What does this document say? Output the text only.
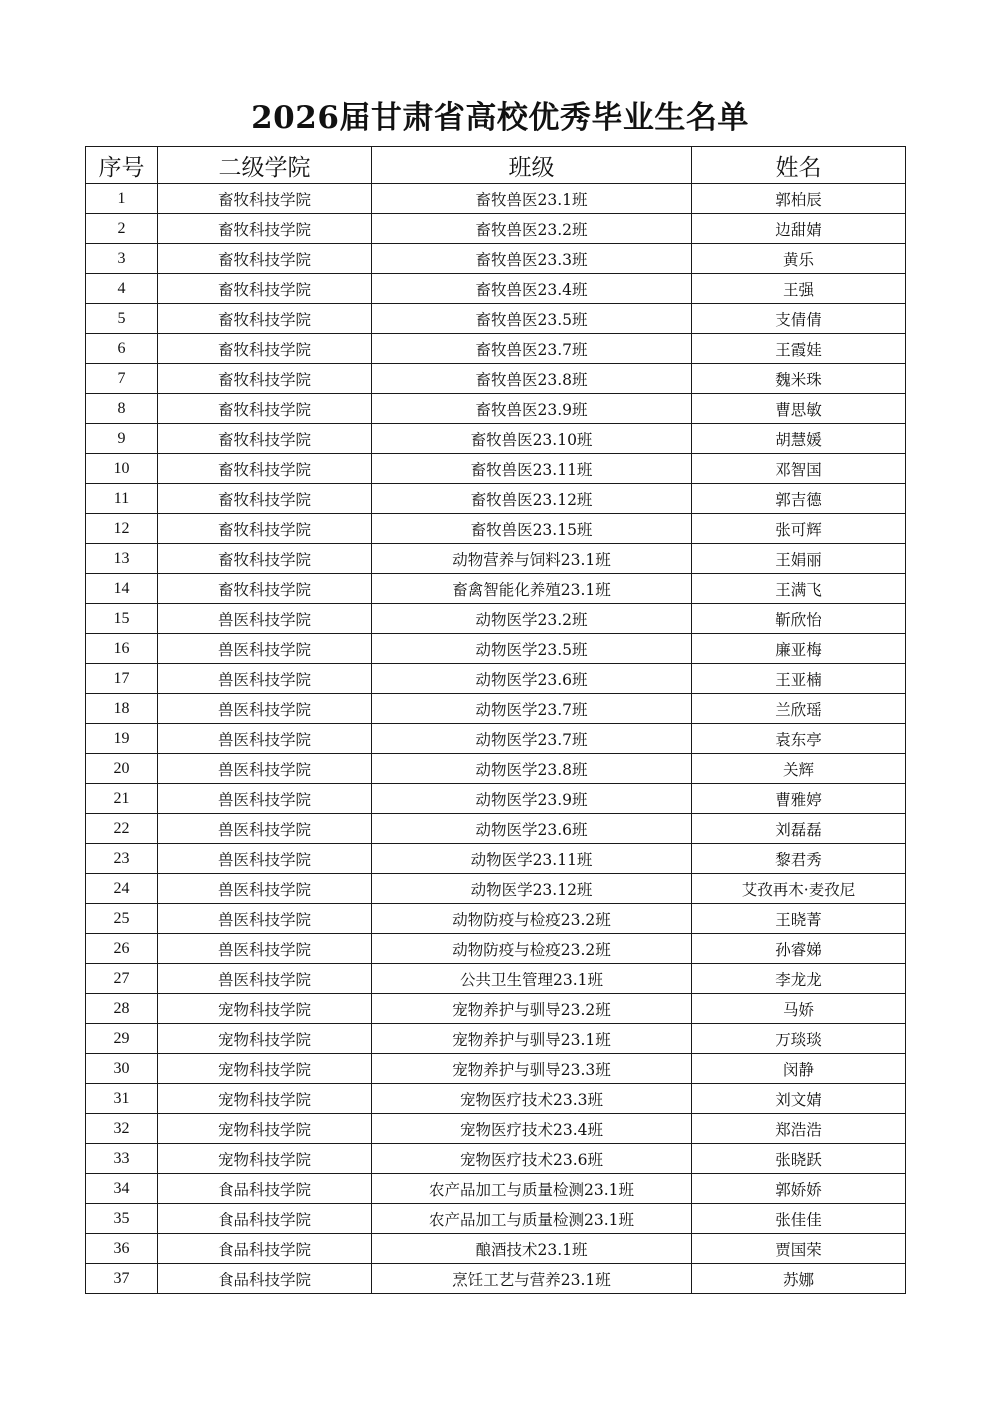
2026届甘肃省高校优秀毕业生名单
序号	二级学院	班级	姓名
1	畜牧科技学院	畜牧兽医23.1班	郭柏辰
2	畜牧科技学院	畜牧兽医23.2班	边甜婧
3	畜牧科技学院	畜牧兽医23.3班	黄乐
4	畜牧科技学院	畜牧兽医23.4班	王强
5	畜牧科技学院	畜牧兽医23.5班	支倩倩
6	畜牧科技学院	畜牧兽医23.7班	王霞娃
7	畜牧科技学院	畜牧兽医23.8班	魏米珠
8	畜牧科技学院	畜牧兽医23.9班	曹思敏
9	畜牧科技学院	畜牧兽医23.10班	胡慧媛
10	畜牧科技学院	畜牧兽医23.11班	邓智国
11	畜牧科技学院	畜牧兽医23.12班	郭吉德
12	畜牧科技学院	畜牧兽医23.15班	张可辉
13	畜牧科技学院	动物营养与饲料23.1班	王娟丽
14	畜牧科技学院	畜禽智能化养殖23.1班	王满飞
15	兽医科技学院	动物医学23.2班	靳欣怡
16	兽医科技学院	动物医学23.5班	廉亚梅
17	兽医科技学院	动物医学23.6班	王亚楠
18	兽医科技学院	动物医学23.7班	兰欣瑶
19	兽医科技学院	动物医学23.7班	袁东亭
20	兽医科技学院	动物医学23.8班	关辉
21	兽医科技学院	动物医学23.9班	曹雅婷
22	兽医科技学院	动物医学23.6班	刘磊磊
23	兽医科技学院	动物医学23.11班	黎君秀
24	兽医科技学院	动物医学23.12班	艾孜再木·麦孜尼
25	兽医科技学院	动物防疫与检疫23.2班	王晓菁
26	兽医科技学院	动物防疫与检疫23.2班	孙睿娣
27	兽医科技学院	公共卫生管理23.1班	李龙龙
28	宠物科技学院	宠物养护与驯导23.2班	马娇
29	宠物科技学院	宠物养护与驯导23.1班	万琰琰
30	宠物科技学院	宠物养护与驯导23.3班	闵静
31	宠物科技学院	宠物医疗技术23.3班	刘文婧
32	宠物科技学院	宠物医疗技术23.4班	郑浩浩
33	宠物科技学院	宠物医疗技术23.6班	张晓跃
34	食品科技学院	农产品加工与质量检测23.1班	郭娇娇
35	食品科技学院	农产品加工与质量检测23.1班	张佳佳
36	食品科技学院	酿酒技术23.1班	贾国荣
37	食品科技学院	烹饪工艺与营养23.1班	苏娜
